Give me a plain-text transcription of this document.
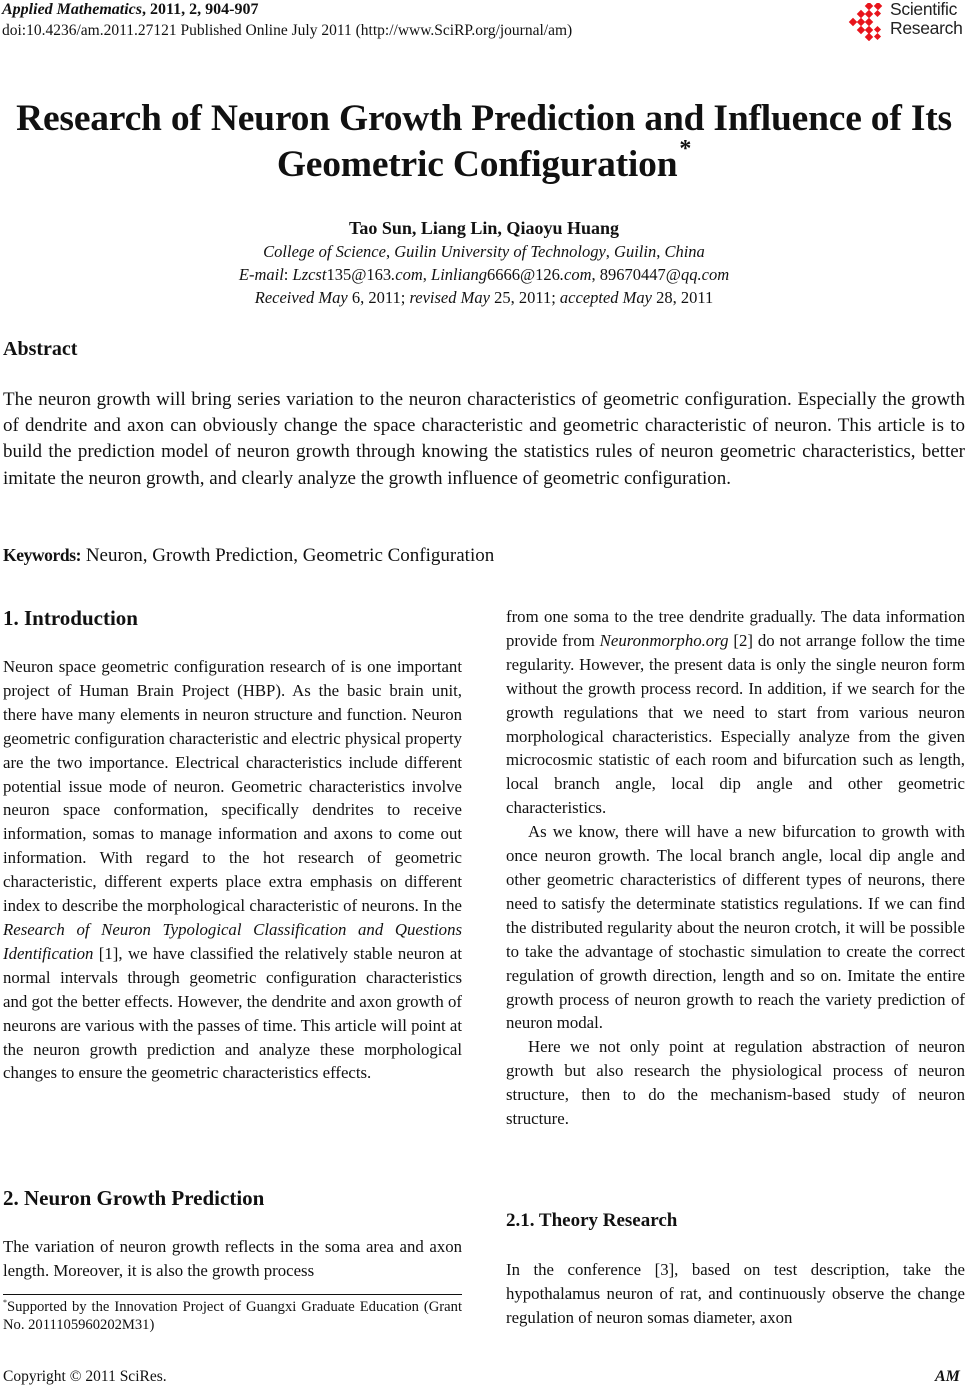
Applied Mathematics, 2011, 2, 904-907
doi:10.4236/am.2011.27121 Published Online July 2011 (http://www.SciRP.org/journal/am)
Scientific
Research
Research of Neuron Growth Prediction and Influence of Its
Geometric Configuration*
Tao Sun, Liang Lin, Qiaoyu Huang
College of Science, Guilin University of Technology, Guilin, China
E-mail: Lzcst135@163.com, Linliang6666@126.com, 89670447@qq.com
Received May 6, 2011; revised May 25, 2011; accepted May 28, 2011
Abstract
The neuron growth will bring series variation to the neuron characteristics of geometric configuration. Especially the growth of dendrite and axon can obviously change the space characteristic and geometric characteristic of neuron. This article is to build the prediction model of neuron growth through knowing the statistics rules of neuron geometric characteristics, better imitate the neuron growth, and clearly analyze the growth influence of geometric configuration.
Keywords: Neuron, Growth Prediction, Geometric Configuration
1. Introduction

Neuron space geometric configuration research of is one important project of Human Brain Project (HBP). As the basic brain unit, there have many elements in neuron structure and function. Neuron geometric configuration characteristic and electric physical property are the two importance. Electrical characteristics include different potential issue mode of neuron. Geometric characteristics involve neuron space conformation, specifically dendrites to receive information, somas to manage information and axons to come out information. With regard to the hot research of geometric characteristic, different experts place extra emphasis on different index to describe the morphological characteristic of neurons. In the Research of Neuron Typological Classification and Questions Identification [1], we have classified the relatively stable neuron at normal intervals through geometric configuration characteristics and got the better effects. However, the dendrite and axon growth of neurons are various with the passes of time. This article will point at the neuron growth prediction and analyze these morphological changes to ensure the geometric characteristics effects.

2. Neuron Growth Prediction

The variation of neuron growth reflects in the soma area and axon length. Moreover, it is also the growth process

*Supported by the Innovation Project of Guangxi Graduate Education (Grant No. 2011105960202M31)

from one soma to the tree dendrite gradually. The data information provide from Neuronmorpho.org [2] do not arrange follow the time regularity. However, the present data is only the single neuron form without the growth process record. In addition, if we search for the growth regulations that we need to start from various neuron morphological characteristics. Especially analyze from the given microcosmic statistic of each room and bifurcation such as length, local branch angle, local dip angle and other geometric characteristics.

As we know, there will have a new bifurcation to growth with once neuron growth. The local branch angle, local dip angle and other geometric characteristics of different types of neurons, there need to satisfy the determinate statistics regulations. If we can find the distributed regularity about the neuron crotch, it will be possible to take the advantage of stochastic simulation to create the correct regulation of growth direction, length and so on. Imitate the entire growth process of neuron growth to reach the variety prediction of neuron modal.

Here we not only point at regulation abstraction of neuron growth but also research the physiological process of neuron structure, then to do the mechanism-based study of neuron structure.

2.1. Theory Research

In the conference [3], based on test description, take the hypothalamus neuron of rat, and continuously observe the change regulation of neuron somas diameter, axon

Copyright © 2011 SciRes.	AM
